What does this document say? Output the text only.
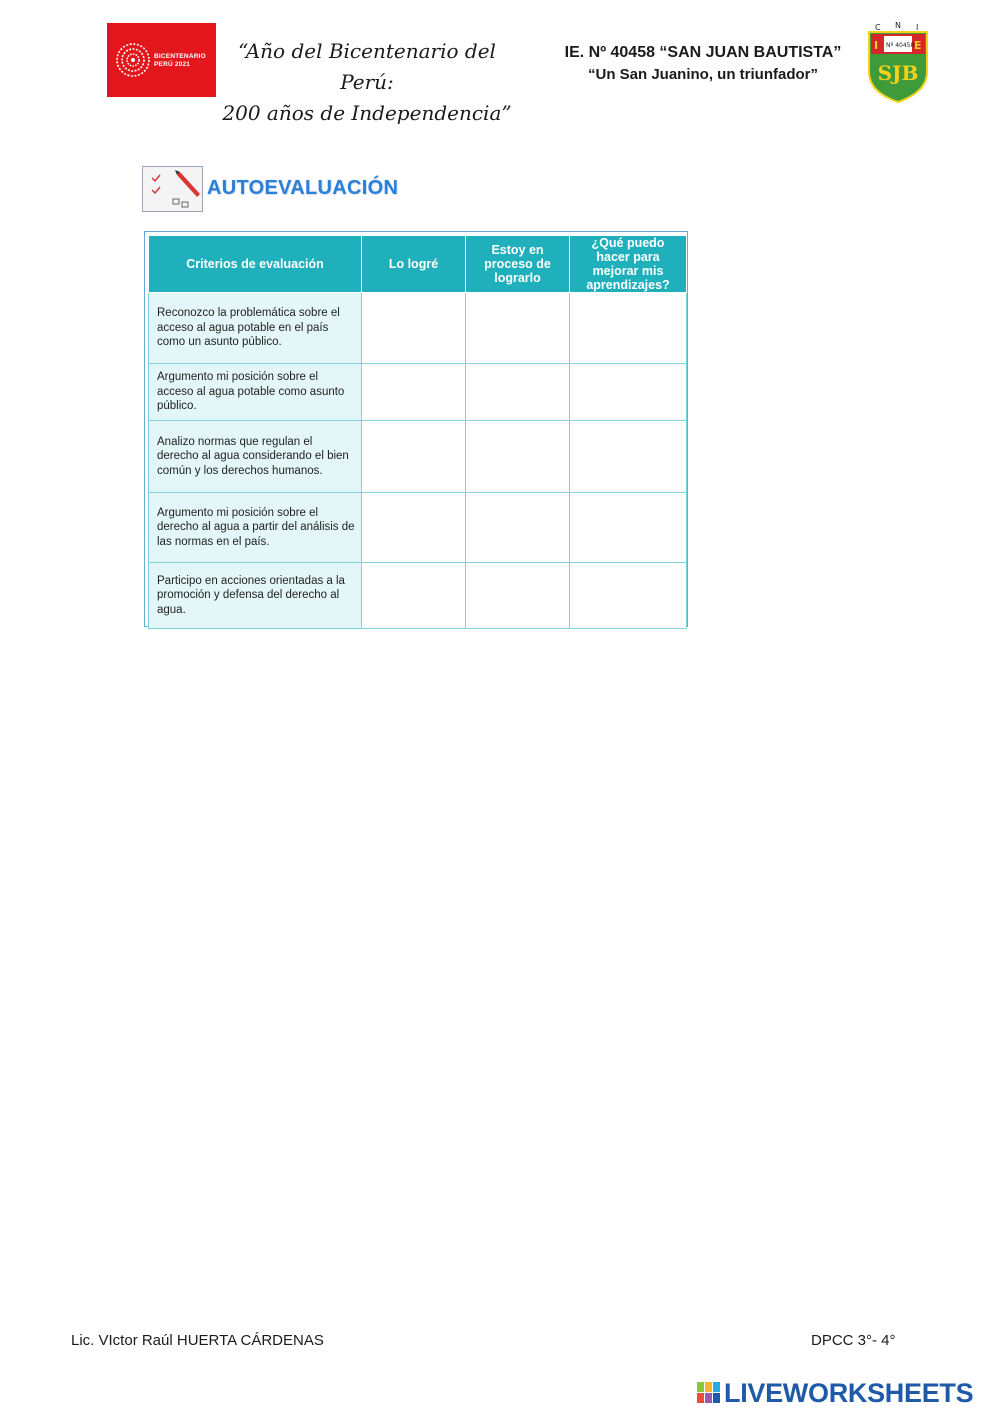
BICENTENARIO
PERÚ 2021
“Año del Bicentenario del Perú:
200 años de Independencia”
IE. Nº 40458 “SAN JUAN BAUTISTA”
“Un San Juanino, un triunfador”
C N I
I	E
Nº 40458
SJB
AUTOEVALUACIÓN
Criterios de evaluación	Lo logré	Estoy en proceso de lograrlo	¿Qué puedo hacer para mejorar mis aprendizajes?
Reconozco la problemática sobre el acceso al agua potable en el país como un asunto público.			
Argumento mi posición sobre el acceso al agua potable como asunto público.			
Analizo normas que regulan el derecho al agua considerando el bien común y los derechos humanos.			
Argumento mi posición sobre el derecho al agua a partir del análisis de las normas en el país.			
Participo en acciones orientadas a la promoción y defensa del derecho al agua.			
Lic. VIctor Raúl HUERTA CÁRDENAS	DPCC 3°- 4°
LIVEWORKSHEETS
